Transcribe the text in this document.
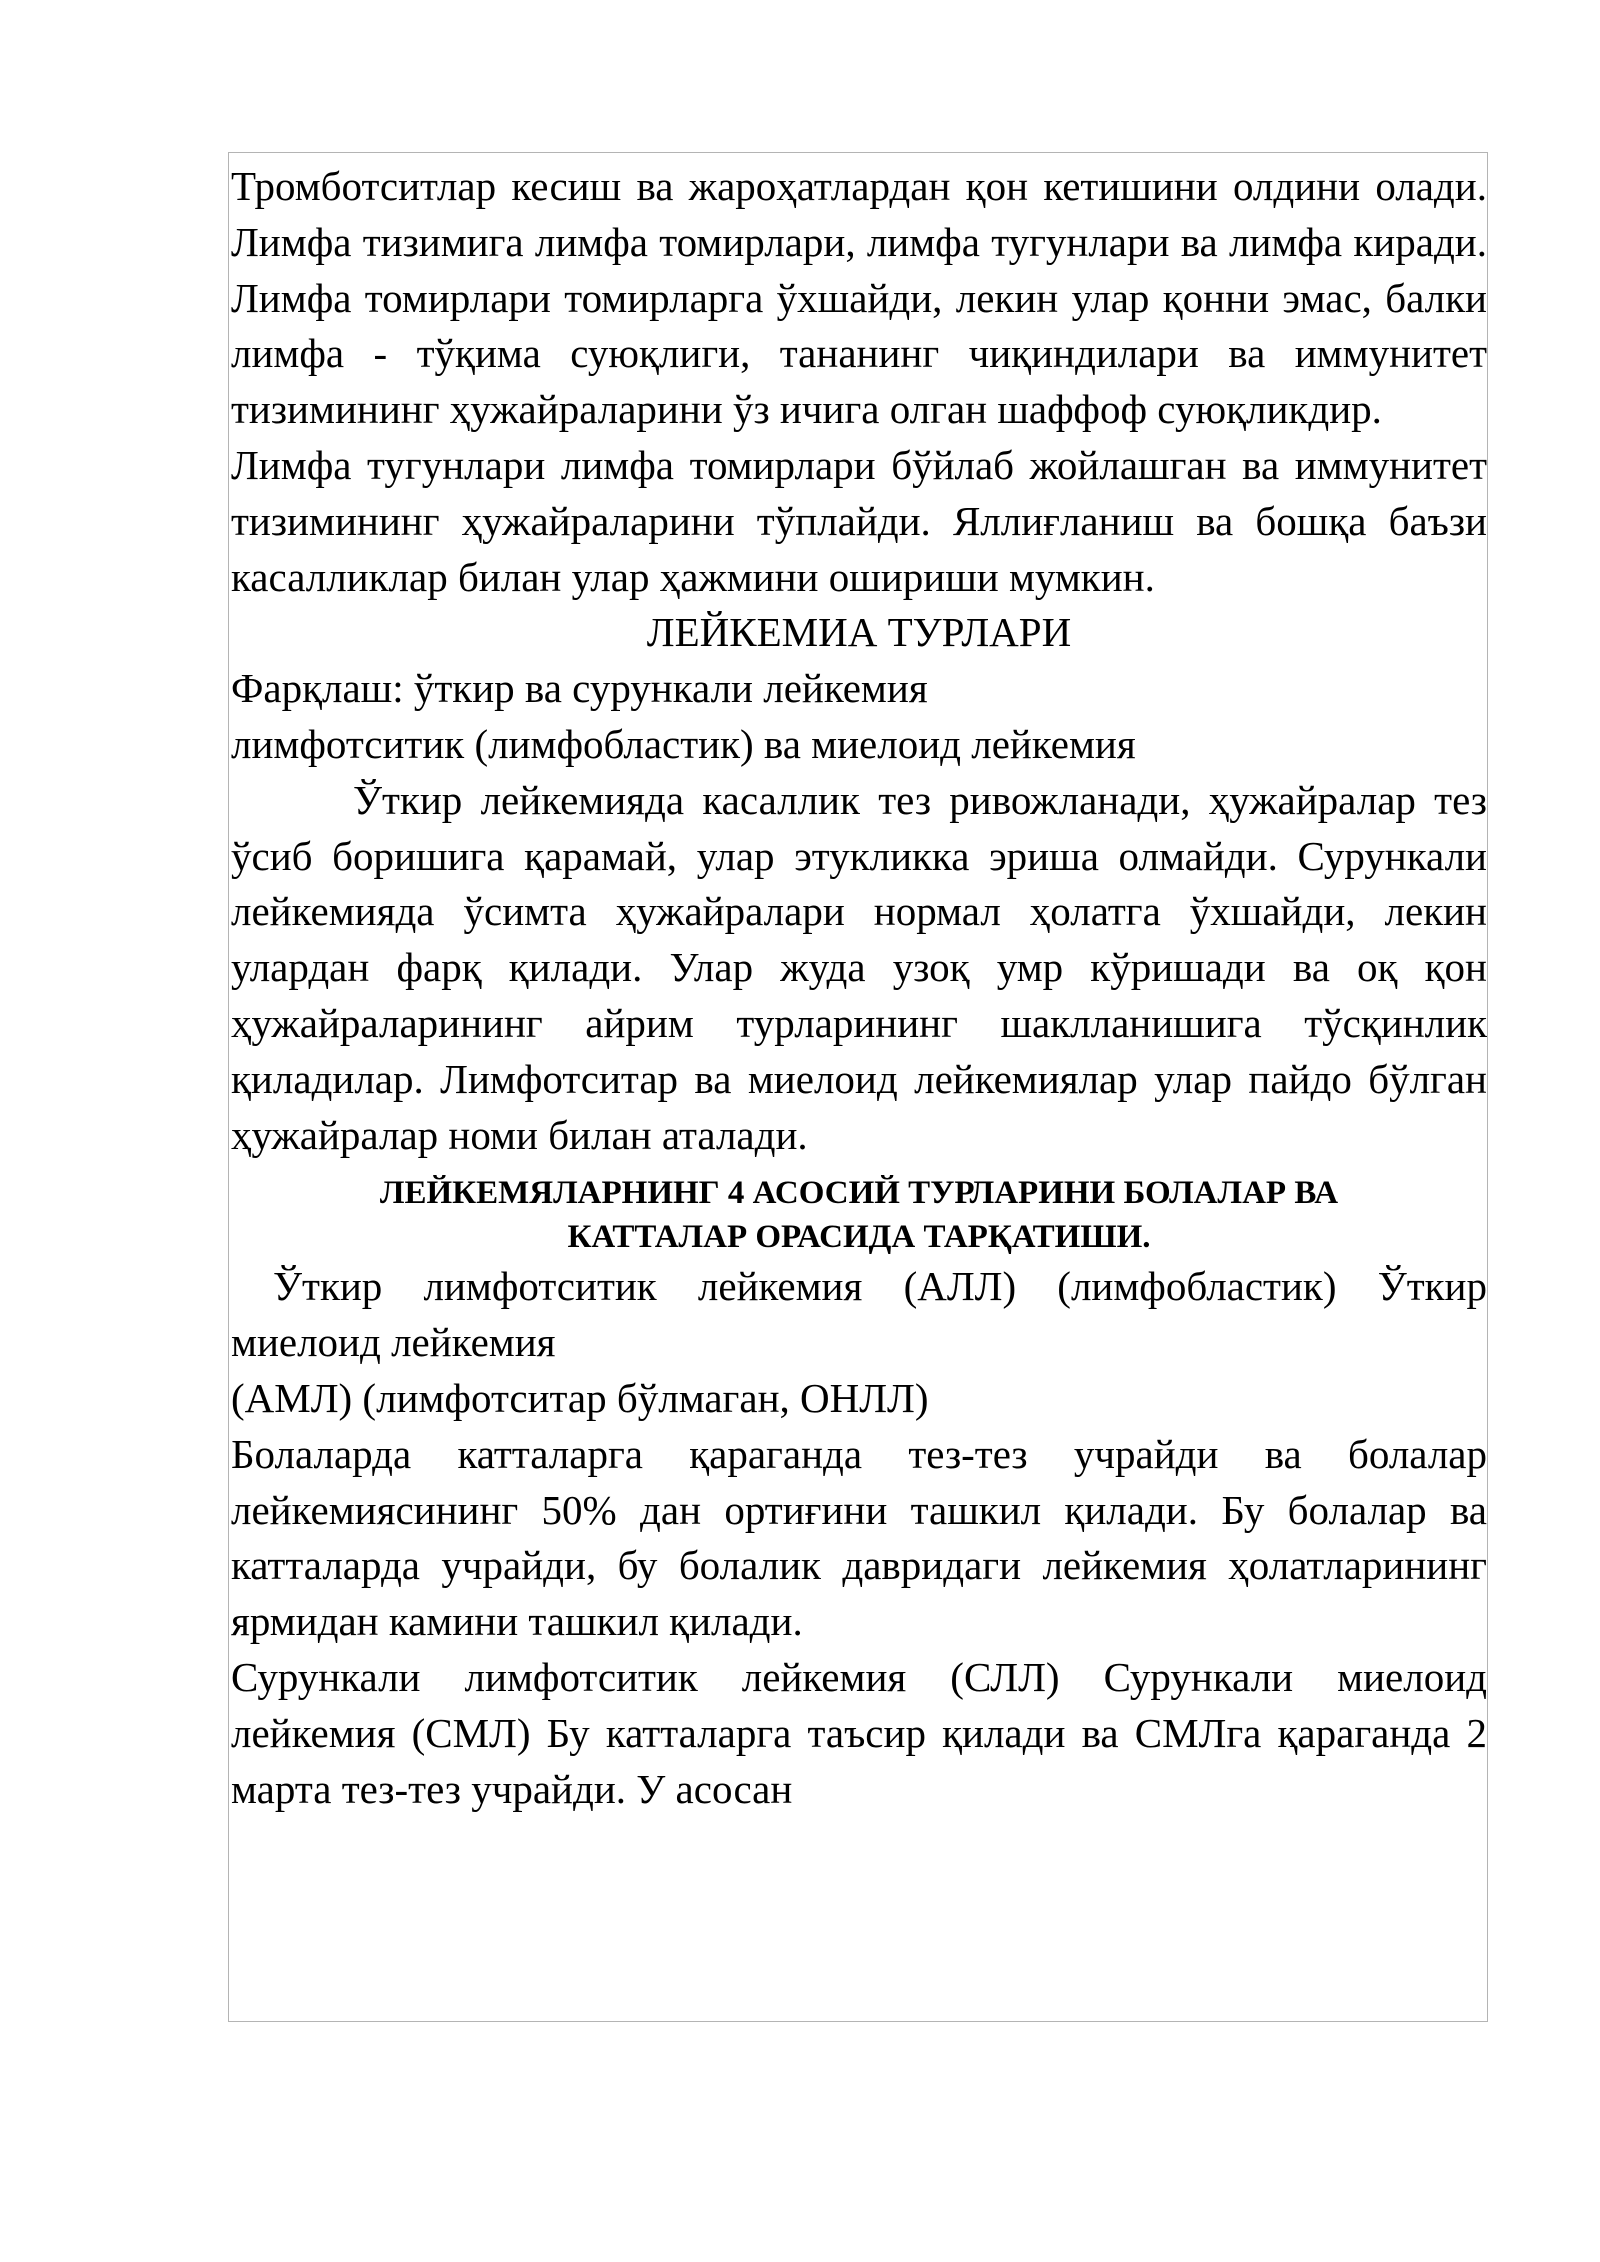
Тромботситлар кесиш ва жароҳатлардан қон кетишини олдини олади. Лимфа тизимига лимфа томирлари, лимфа тугунлари ва лимфа киради. Лимфа томирлари томирларга ўхшайди, лекин улар қонни эмас, балки лимфа - тўқима суюқлиги, тананинг чиқиндилари ва иммунитет тизимининг ҳужайраларини ўз ичига олган шаффоф суюқликдир.

Лимфа тугунлари лимфа томирлари бўйлаб жойлашган ва иммунитет тизимининг ҳужайраларини тўплайди. Яллиғланиш ва бошқа баъзи касалликлар билан улар ҳажмини ошириши мумкин.

ЛЕЙКЕМИА ТУРЛАРИ

Фарқлаш: ўткир ва сурункали лейкемия

лимфотситик (лимфобластик) ва миелоид лейкемия

Ўткир лейкемияда касаллик тез ривожланади, ҳужайралар тез ўсиб боришига қарамай, улар этукликка эриша олмайди. Сурункали лейкемияда ўсимта ҳужайралари нормал ҳолатга ўхшайди, лекин улардан фарқ қилади. Улар жуда узоқ умр кўришади ва оқ қон ҳужайраларининг айрим турларининг шаклланишига тўсқинлик қиладилар. Лимфотситар ва миелоид лейкемиялар улар пайдо бўлган ҳужайралар номи билан аталади.

ЛЕЙКЕМЯЛАРНИНГ 4 АСОСИЙ ТУРЛАРИНИ БОЛАЛАР ВА
КАТТАЛАР ОРАСИДА ТАРҚАТИШИ.

Ўткир лимфотситик лейкемия (АЛЛ) (лимфобластик) Ўткир миелоид лейкемия

(АМЛ) (лимфотситар бўлмаган, ОНЛЛ)

Болаларда катталарга қараганда тез-тез учрайди ва болалар лейкемиясининг 50% дан ортиғини ташкил қилади. Бу болалар ва катталарда учрайди, бу болалик давридаги лейкемия ҳолатларининг ярмидан камини ташкил қилади.

Сурункали лимфотситик лейкемия (СЛЛ) Сурункали миелоид лейкемия (СМЛ) Бу катталарга таъсир қилади ва СМЛга қараганда 2 марта тез-тез учрайди. У асосан
